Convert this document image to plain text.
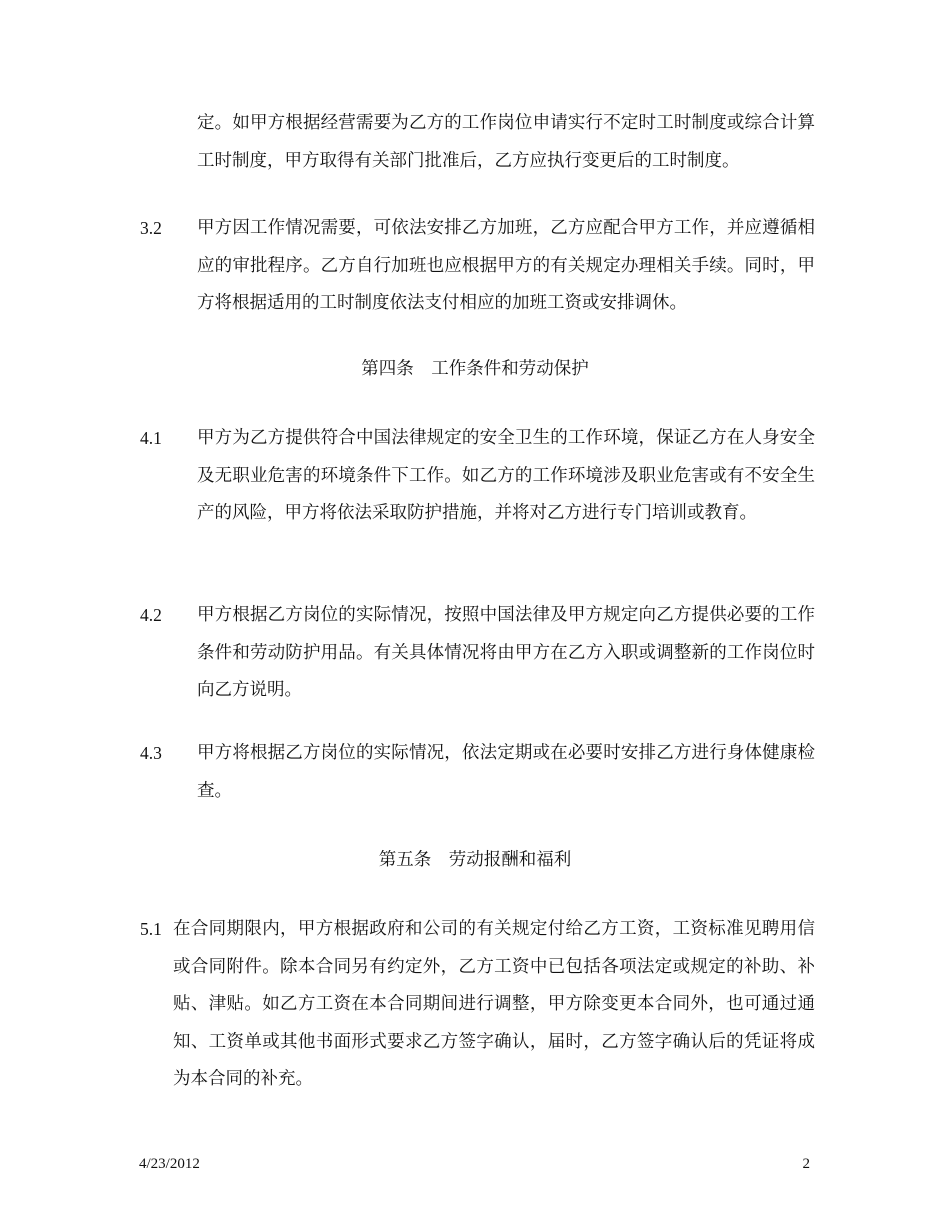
定。如甲方根据经营需要为乙方的工作岗位申请实行不定时工时制度或综合计算工时制度，甲方取得有关部门批准后，乙方应执行变更后的工时制度。
3.2 甲方因工作情况需要，可依法安排乙方加班，乙方应配合甲方工作，并应遵循相应的审批程序。乙方自行加班也应根据甲方的有关规定办理相关手续。同时，甲方将根据适用的工时制度依法支付相应的加班工资或安排调休。
第四条　工作条件和劳动保护
4.1 甲方为乙方提供符合中国法律规定的安全卫生的工作环境，保证乙方在人身安全及无职业危害的环境条件下工作。如乙方的工作环境涉及职业危害或有不安全生产的风险，甲方将依法采取防护措施，并将对乙方进行专门培训或教育。
4.2 甲方根据乙方岗位的实际情况，按照中国法律及甲方规定向乙方提供必要的工作条件和劳动防护用品。有关具体情况将由甲方在乙方入职或调整新的工作岗位时向乙方说明。
4.3 甲方将根据乙方岗位的实际情况，依法定期或在必要时安排乙方进行身体健康检查。
第五条　劳动报酬和福利
5.1 在合同期限内，甲方根据政府和公司的有关规定付给乙方工资，工资标准见聘用信或合同附件。除本合同另有约定外，乙方工资中已包括各项法定或规定的补助、补贴、津贴。如乙方工资在本合同期间进行调整，甲方除变更本合同外，也可通过通知、工资单或其他书面形式要求乙方签字确认，届时，乙方签字确认后的凭证将成为本合同的补充。
4/23/2012	2
